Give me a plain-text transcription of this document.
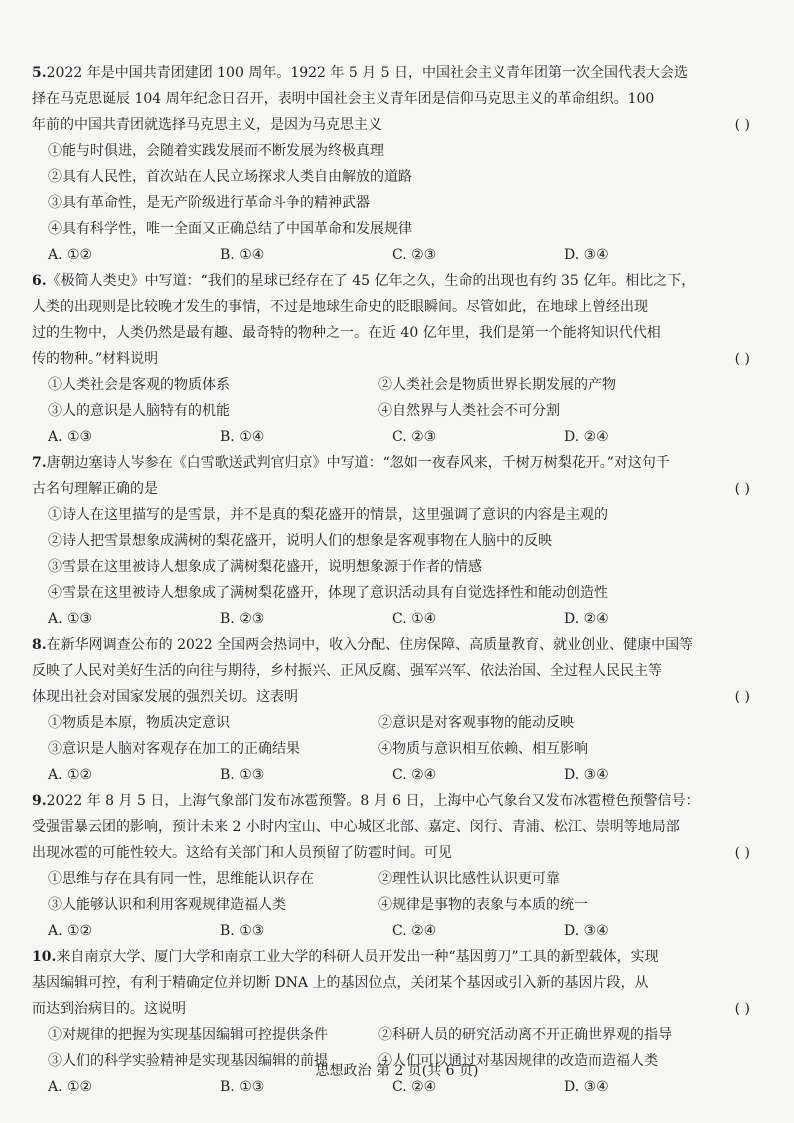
5.2022 年是中国共青团建团 100 周年。1922 年 5 月 5 日，中国社会主义青年团第一次全国代表大会选
择在马克思诞辰 104 周年纪念日召开，表明中国社会主义青年团是信仰马克思主义的革命组织。100
年前的中国共青团就选择马克思主义，是因为马克思主义	( )
①能与时俱进，会随着实践发展而不断发展为终极真理
②具有人民性，首次站在人民立场探求人类自由解放的道路
③具有革命性，是无产阶级进行革命斗争的精神武器
④具有科学性，唯一全面又正确总结了中国革命和发展规律
A. ①②	B. ①④	C. ②③	D. ③④
6.《极简人类史》中写道：“我们的星球已经存在了 45 亿年之久，生命的出现也有约 35 亿年。相比之下，
人类的出现则是比较晚才发生的事情，不过是地球生命史的眨眼瞬间。尽管如此，在地球上曾经出现
过的生物中，人类仍然是最有趣、最奇特的物种之一。在近 40 亿年里，我们是第一个能将知识代代相
传的物种。”材料说明	( )
①人类社会是客观的物质体系	②人类社会是物质世界长期发展的产物
③人的意识是人脑特有的机能	④自然界与人类社会不可分割
A. ①③	B. ①④	C. ②③	D. ②④
7.唐朝边塞诗人岑参在《白雪歌送武判官归京》中写道：“忽如一夜春风来，千树万树梨花开。”对这句千
古名句理解正确的是	( )
①诗人在这里描写的是雪景，并不是真的梨花盛开的情景，这里强调了意识的内容是主观的
②诗人把雪景想象成满树的梨花盛开，说明人们的想象是客观事物在人脑中的反映
③雪景在这里被诗人想象成了满树梨花盛开，说明想象源于作者的情感
④雪景在这里被诗人想象成了满树梨花盛开，体现了意识活动具有自觉选择性和能动创造性
A. ①③	B. ②③	C. ①④	D. ②④
8.在新华网调查公布的 2022 全国两会热词中，收入分配、住房保障、高质量教育、就业创业、健康中国等
反映了人民对美好生活的向往与期待，乡村振兴、正风反腐、强军兴军、依法治国、全过程人民民主等
体现出社会对国家发展的强烈关切。这表明	( )
①物质是本原，物质决定意识	②意识是对客观事物的能动反映
③意识是人脑对客观存在加工的正确结果	④物质与意识相互依赖、相互影响
A. ①②	B. ①③	C. ②④	D. ③④
9.2022 年 8 月 5 日，上海气象部门发布冰雹预警。8 月 6 日，上海中心气象台又发布冰雹橙色预警信号：
受强雷暴云团的影响，预计未来 2 小时内宝山、中心城区北部、嘉定、闵行、青浦、松江、崇明等地局部
出现冰雹的可能性较大。这给有关部门和人员预留了防雹时间。可见	( )
①思维与存在具有同一性，思维能认识存在	②理性认识比感性认识更可靠
③人能够认识和利用客观规律造福人类	④规律是事物的表象与本质的统一
A. ①②	B. ①③	C. ②④	D. ③④
10.来自南京大学、厦门大学和南京工业大学的科研人员开发出一种“基因剪刀”工具的新型载体，实现
基因编辑可控，有利于精确定位并切断 DNA 上的基因位点，关闭某个基因或引入新的基因片段，从
而达到治病目的。这说明	( )
①对规律的把握为实现基因编辑可控提供条件	②科研人员的研究活动离不开正确世界观的指导
③人们的科学实验精神是实现基因编辑的前提	④人们可以通过对基因规律的改造而造福人类
A. ①②	B. ①③	C. ②④	D. ③④
思想政治 第 2 页(共 6 页)
